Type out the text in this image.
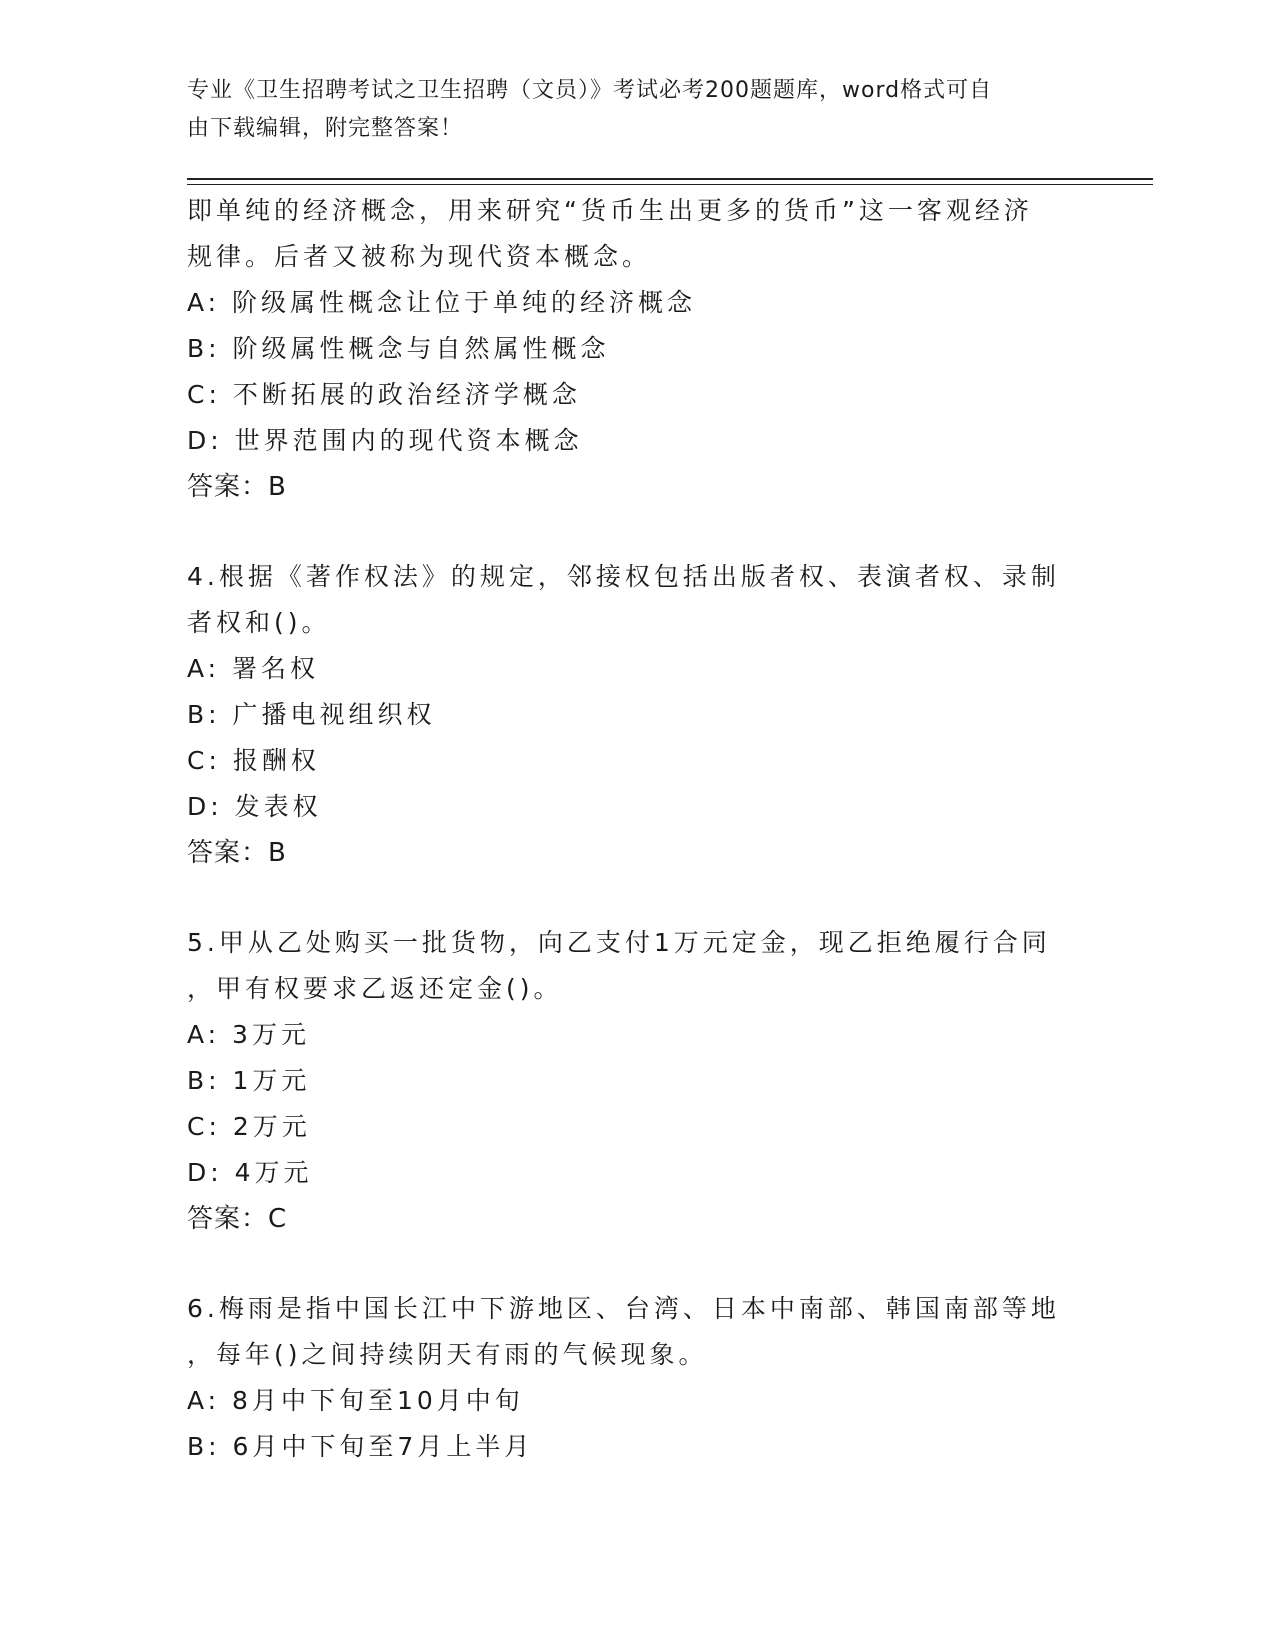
专业《卫生招聘考试之卫生招聘（文员）》考试必考200题题库，word格式可自
由下载编辑，附完整答案！
即单纯的经济概念，用来研究“货币生出更多的货币”这一客观经济
规律。后者又被称为现代资本概念。
A: 阶级属性概念让位于单纯的经济概念
B: 阶级属性概念与自然属性概念
C: 不断拓展的政治经济学概念
D: 世界范围内的现代资本概念
答案：B
4.根据《著作权法》的规定，邻接权包括出版者权、表演者权、录制
者权和()。
A: 署名权
B: 广播电视组织权
C: 报酬权
D: 发表权
答案：B
5.甲从乙处购买一批货物，向乙支付1万元定金，现乙拒绝履行合同
，甲有权要求乙返还定金()。
A: 3万元
B: 1万元
C: 2万元
D: 4万元
答案：C
6.梅雨是指中国长江中下游地区、台湾、日本中南部、韩国南部等地
，每年()之间持续阴天有雨的气候现象。
A: 8月中下旬至10月中旬
B: 6月中下旬至7月上半月
